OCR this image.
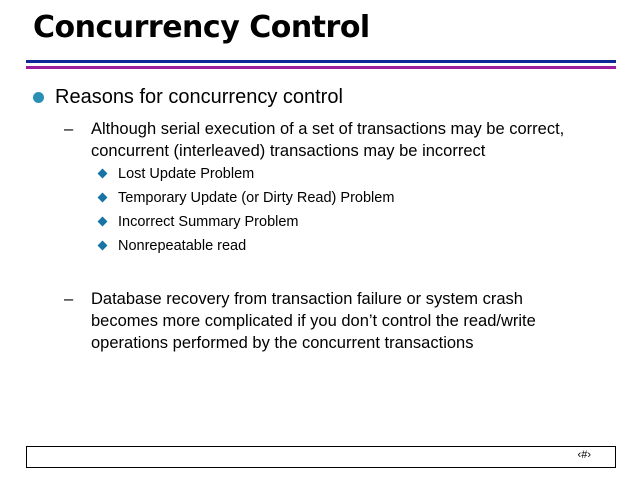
Concurrency Control
Reasons for concurrency control
– Although serial execution of a set of transactions may be correct,
concurrent (interleaved) transactions may be incorrect
Lost Update Problem
Temporary Update (or Dirty Read) Problem
Incorrect Summary Problem
Nonrepeatable read
– Database recovery from transaction failure or system crash
becomes more complicated if you don’t control the read/write
operations performed by the concurrent transactions
‹#›
